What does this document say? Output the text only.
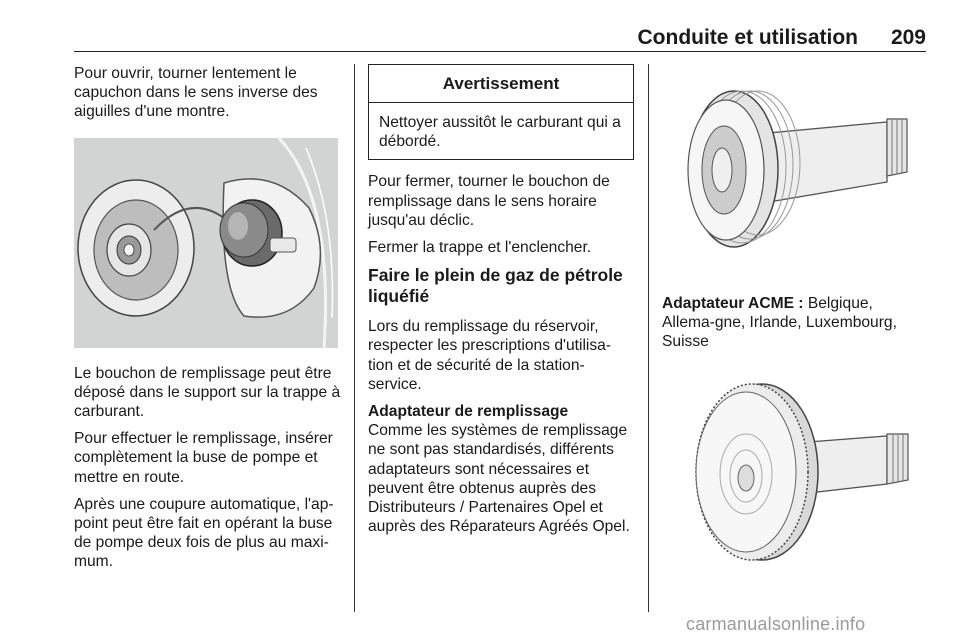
Conduite et utilisation 209

Pour ouvrir, tourner lentement le capuchon dans le sens inverse des aiguilles d'une montre.

Le bouchon de remplissage peut être déposé dans le support sur la trappe à carburant.

Pour effectuer le remplissage, insérer complètement la buse de pompe et mettre en route.

Après une coupure automatique, l'ap-point peut être fait en opérant la buse de pompe deux fois de plus au maxi-mum.

Avertissement
Nettoyer aussitôt le carburant qui a débordé.

Pour fermer, tourner le bouchon de remplissage dans le sens horaire jusqu'au déclic.

Fermer la trappe et l'enclencher.

Faire le plein de gaz de pétrole liquéfié

Lors du remplissage du réservoir, respecter les prescriptions d'utilisa-tion et de sécurité de la station-service.

Adaptateur de remplissage

Comme les systèmes de remplissage ne sont pas standardisés, différents adaptateurs sont nécessaires et peuvent être obtenus auprès des Distributeurs / Partenaires Opel et auprès des Réparateurs Agréés Opel.

Adaptateur ACME : Belgique, Allema-gne, Irlande, Luxembourg, Suisse

carmanualsonline.info
